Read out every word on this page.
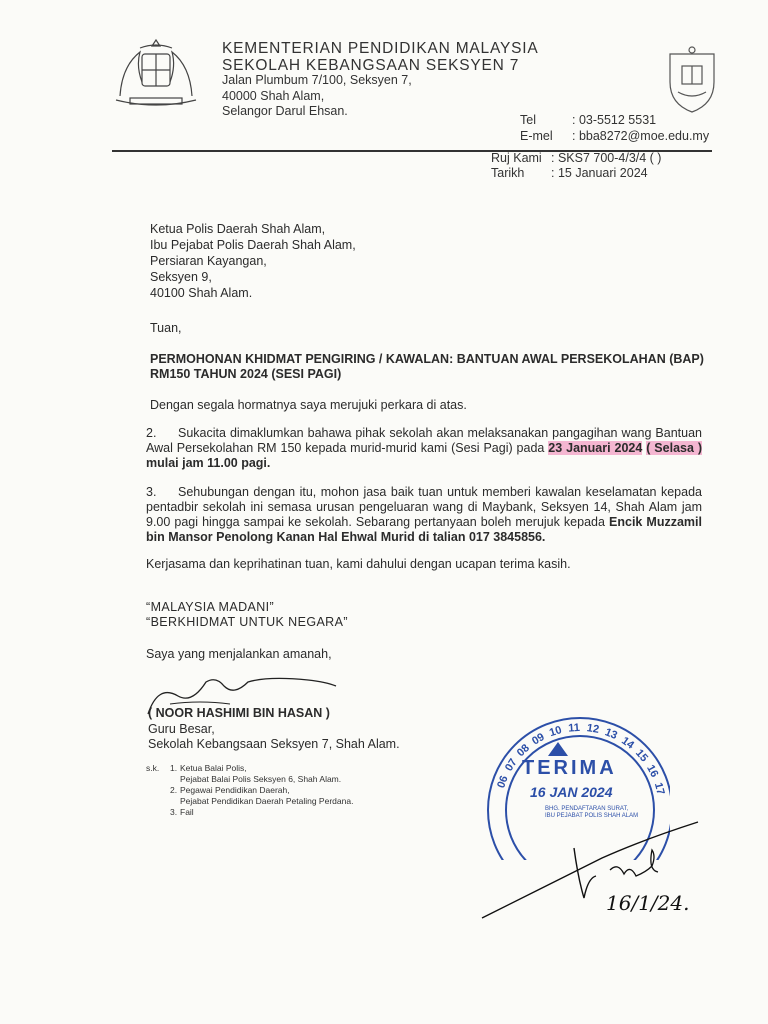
KEMENTERIAN PENDIDIKAN MALAYSIA
SEKOLAH KEBANGSAAN SEKSYEN 7
Jalan Plumbum 7/100, Seksyen 7,
40000 Shah Alam,
Selangor Darul Ehsan.
Tel	: 03-5512 5531
E-mel : bba8272@moe.edu.my
Ruj Kami : SKS7 700-4/3/4 ( )
Tarikh : 15 Januari 2024
Ketua Polis Daerah Shah Alam,
Ibu Pejabat Polis Daerah Shah Alam,
Persiaran Kayangan,
Seksyen 9,
40100 Shah Alam.
Tuan,
PERMOHONAN KHIDMAT PENGIRING / KAWALAN: BANTUAN AWAL PERSEKOLAHAN (BAP) RM150 TAHUN 2024 (SESI PAGI)
Dengan segala hormatnya saya merujuki perkara di atas.
2. Sukacita dimaklumkan bahawa pihak sekolah akan melaksanakan pangagihan wang Bantuan Awal Persekolahan RM 150 kepada murid-murid kami (Sesi Pagi) pada 23 Januari 2024 ( Selasa ) mulai jam 11.00 pagi.
3. Sehubungan dengan itu, mohon jasa baik tuan untuk memberi kawalan keselamatan kepada pentadbir sekolah ini semasa urusan pengeluaran wang di Maybank, Seksyen 14, Shah Alam jam 9.00 pagi hingga sampai ke sekolah. Sebarang pertanyaan boleh merujuk kepada Encik Muzzamil bin Mansor Penolong Kanan Hal Ehwal Murid di talian 017 3845856.
Kerjasama dan keprihatinan tuan, kami dahului dengan ucapan terima kasih.
“MALAYSIA MADANI”
“BERKHIDMAT UNTUK NEGARA”
Saya yang menjalankan amanah,
( NOOR HASHIMI BIN HASAN )
Guru Besar,
Sekolah Kebangsaan Seksyen 7, Shah Alam.
s.k.	1. Ketua Balai Polis,
Pejabat Balai Polis Seksyen 6, Shah Alam.
2. Pegawai Pendidikan Daerah,
Pejabat Pendidikan Daerah Petaling Perdana.
3. Fail
06
07
08
09 10 11 12 13
14
15
16
17
TERIMA
16 JAN 2024
BHG. PENDAFTARAN SURAT,
IBU PEJABAT POLIS SHAH ALAM
16/1/24.
